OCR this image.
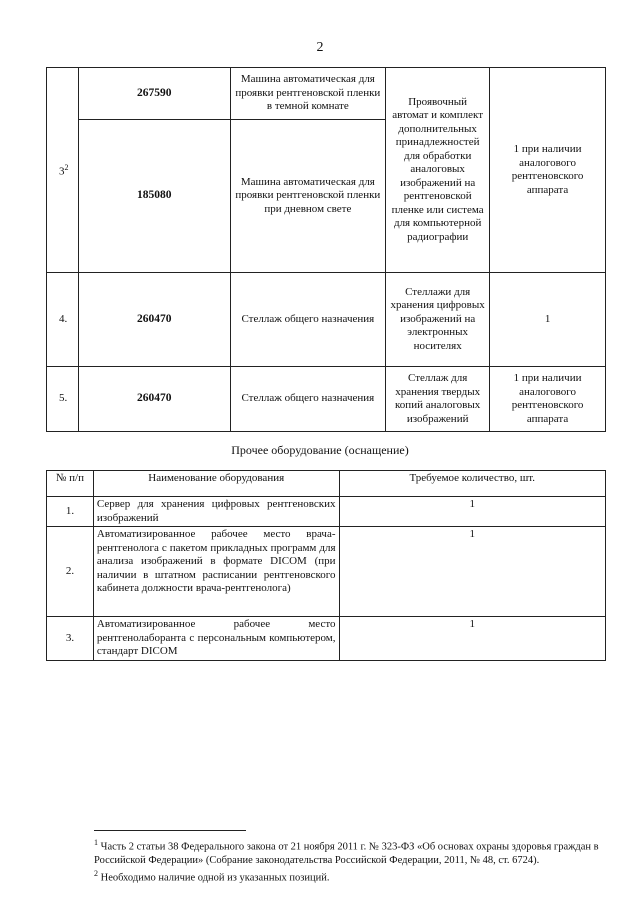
2
$3^2$	267590	Машина автоматическая для проявки рентгеновской пленки в темной комнате	Проявочный автомат и комплект дополнительных принадлежностей для обработки аналоговых изображений на рентгеновской пленке или система для компьютерной радиографии	1 при наличии аналогового рентгеновского аппарата
	185080	Машина автоматическая для проявки рентгеновской пленки при дневном свете		
4.	260470	Стеллаж общего назначения	Стеллажи для хранения цифровых изображений на электронных носителях	1
5.	260470	Стеллаж общего назначения	Стеллаж для хранения твердых копий аналоговых изображений	1 при наличии аналогового рентгеновского аппарата
Прочее оборудование (оснащение)
№ п/п	Наименование оборудования	Требуемое количество, шт.
1.	Сервер для хранения цифровых рентгеновских изображений	1
2.	Автоматизированное рабочее место врача-рентгенолога с пакетом прикладных программ для анализа изображений в формате DICOM (при наличии в штатном расписании рентгеновского кабинета должности врача-рентгенолога)	1
3.	Автоматизированное рабочее место рентгенолаборанта с персональным компьютером, стандарт DICOM	1
$^1$ Часть 2 статьи 38 Федерального закона от 21 ноября 2011 г. № 323-ФЗ «Об основах охраны здоровья граждан в Российской Федерации» (Собрание законодательства Российской Федерации, 2011, № 48, ст. 6724).
$^2$ Необходимо наличие одной из указанных позиций.
